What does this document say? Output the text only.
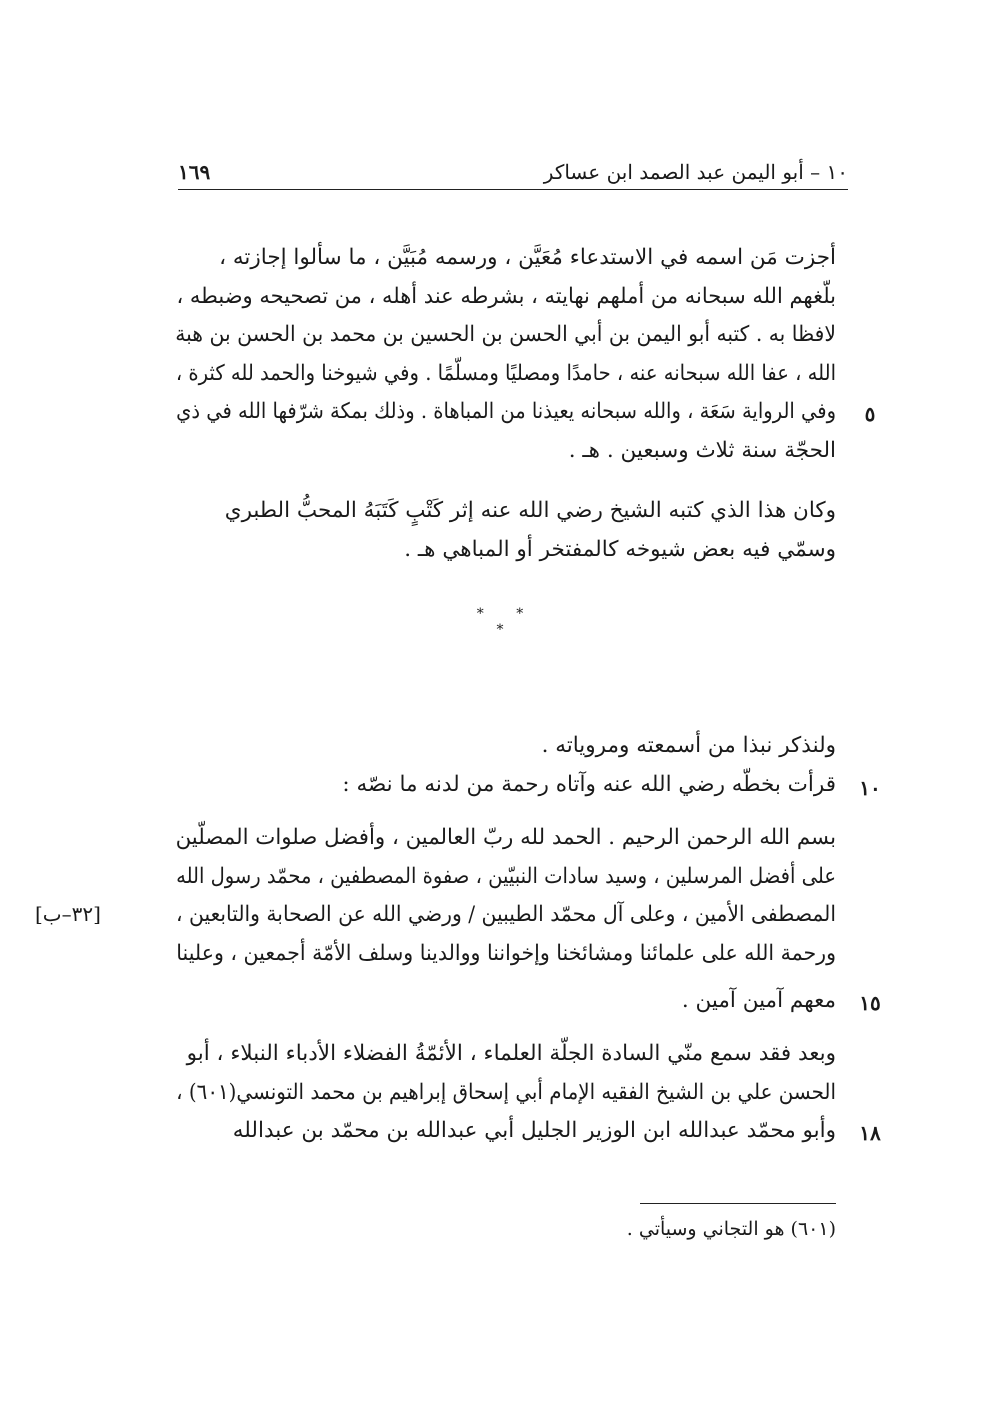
١٦٩	١٠ – أبو اليمن عبد الصمد ابن عساكر
أجزت مَن اسمه في الاستدعاء مُعَيَّن ، ورسمه مُبَيَّن ، ما سألوا إجازته ،
بلّغهم الله سبحانه من أملهم نهايته ، بشرطه عند أهله ، من تصحيحه وضبطه ،
لافظا به . كتبه أبو اليمن بن أبي الحسن بن الحسين بن محمد بن الحسن بن هبة
الله ، عفا الله سبحانه عنه ، حامدًا ومصليًا ومسلّمًا . وفي شيوخنا والحمد لله كثرة ،
وفي الرواية سَعَة ، والله سبحانه يعيذنا من المباهاة . وذلك بمكة شرّفها الله في ذي
الحجّة سنة ثلاث وسبعين . هـ .
وكان هذا الذي كتبه الشيخ رضي الله عنه إثر كَتْبٍ كَتَبَهُ المحبُّ الطبري
وسمّي فيه بعض شيوخه كالمفتخر أو المباهي هـ .
* * *
ولنذكر نبذا من أسمعته ومروياته .
قرأت بخطّه رضي الله عنه وآتاه رحمة من لدنه ما نصّه :
بسم الله الرحمن الرحيم . الحمد لله ربّ العالمين ، وأفضل صلوات المصلّين
على أفضل المرسلين ، وسيد سادات النبيّين ، صفوة المصطفين ، محمّد رسول الله
المصطفى الأمين ، وعلى آل محمّد الطيبين / ورضي الله عن الصحابة والتابعين ،
ورحمة الله على علمائنا ومشائخنا وإخواننا ووالدينا وسلف الأمّة أجمعين ، وعلينا
معهم آمين آمين .
وبعد فقد سمع منّي السادة الجلّة العلماء ، الأئمّةُ الفضلاء الأدباء النبلاء ، أبو
الحسن علي بن الشيخ الفقيه الإمام أبي إسحاق إبراهيم بن محمد التونسي(٦٠١) ،
وأبو محمّد عبدالله ابن الوزير الجليل أبي عبدالله بن محمّد بن عبدالله
٥
١٠
١٥
١٨
[٣٢–ب]
(٦٠١) هو التجاني وسيأتي .
